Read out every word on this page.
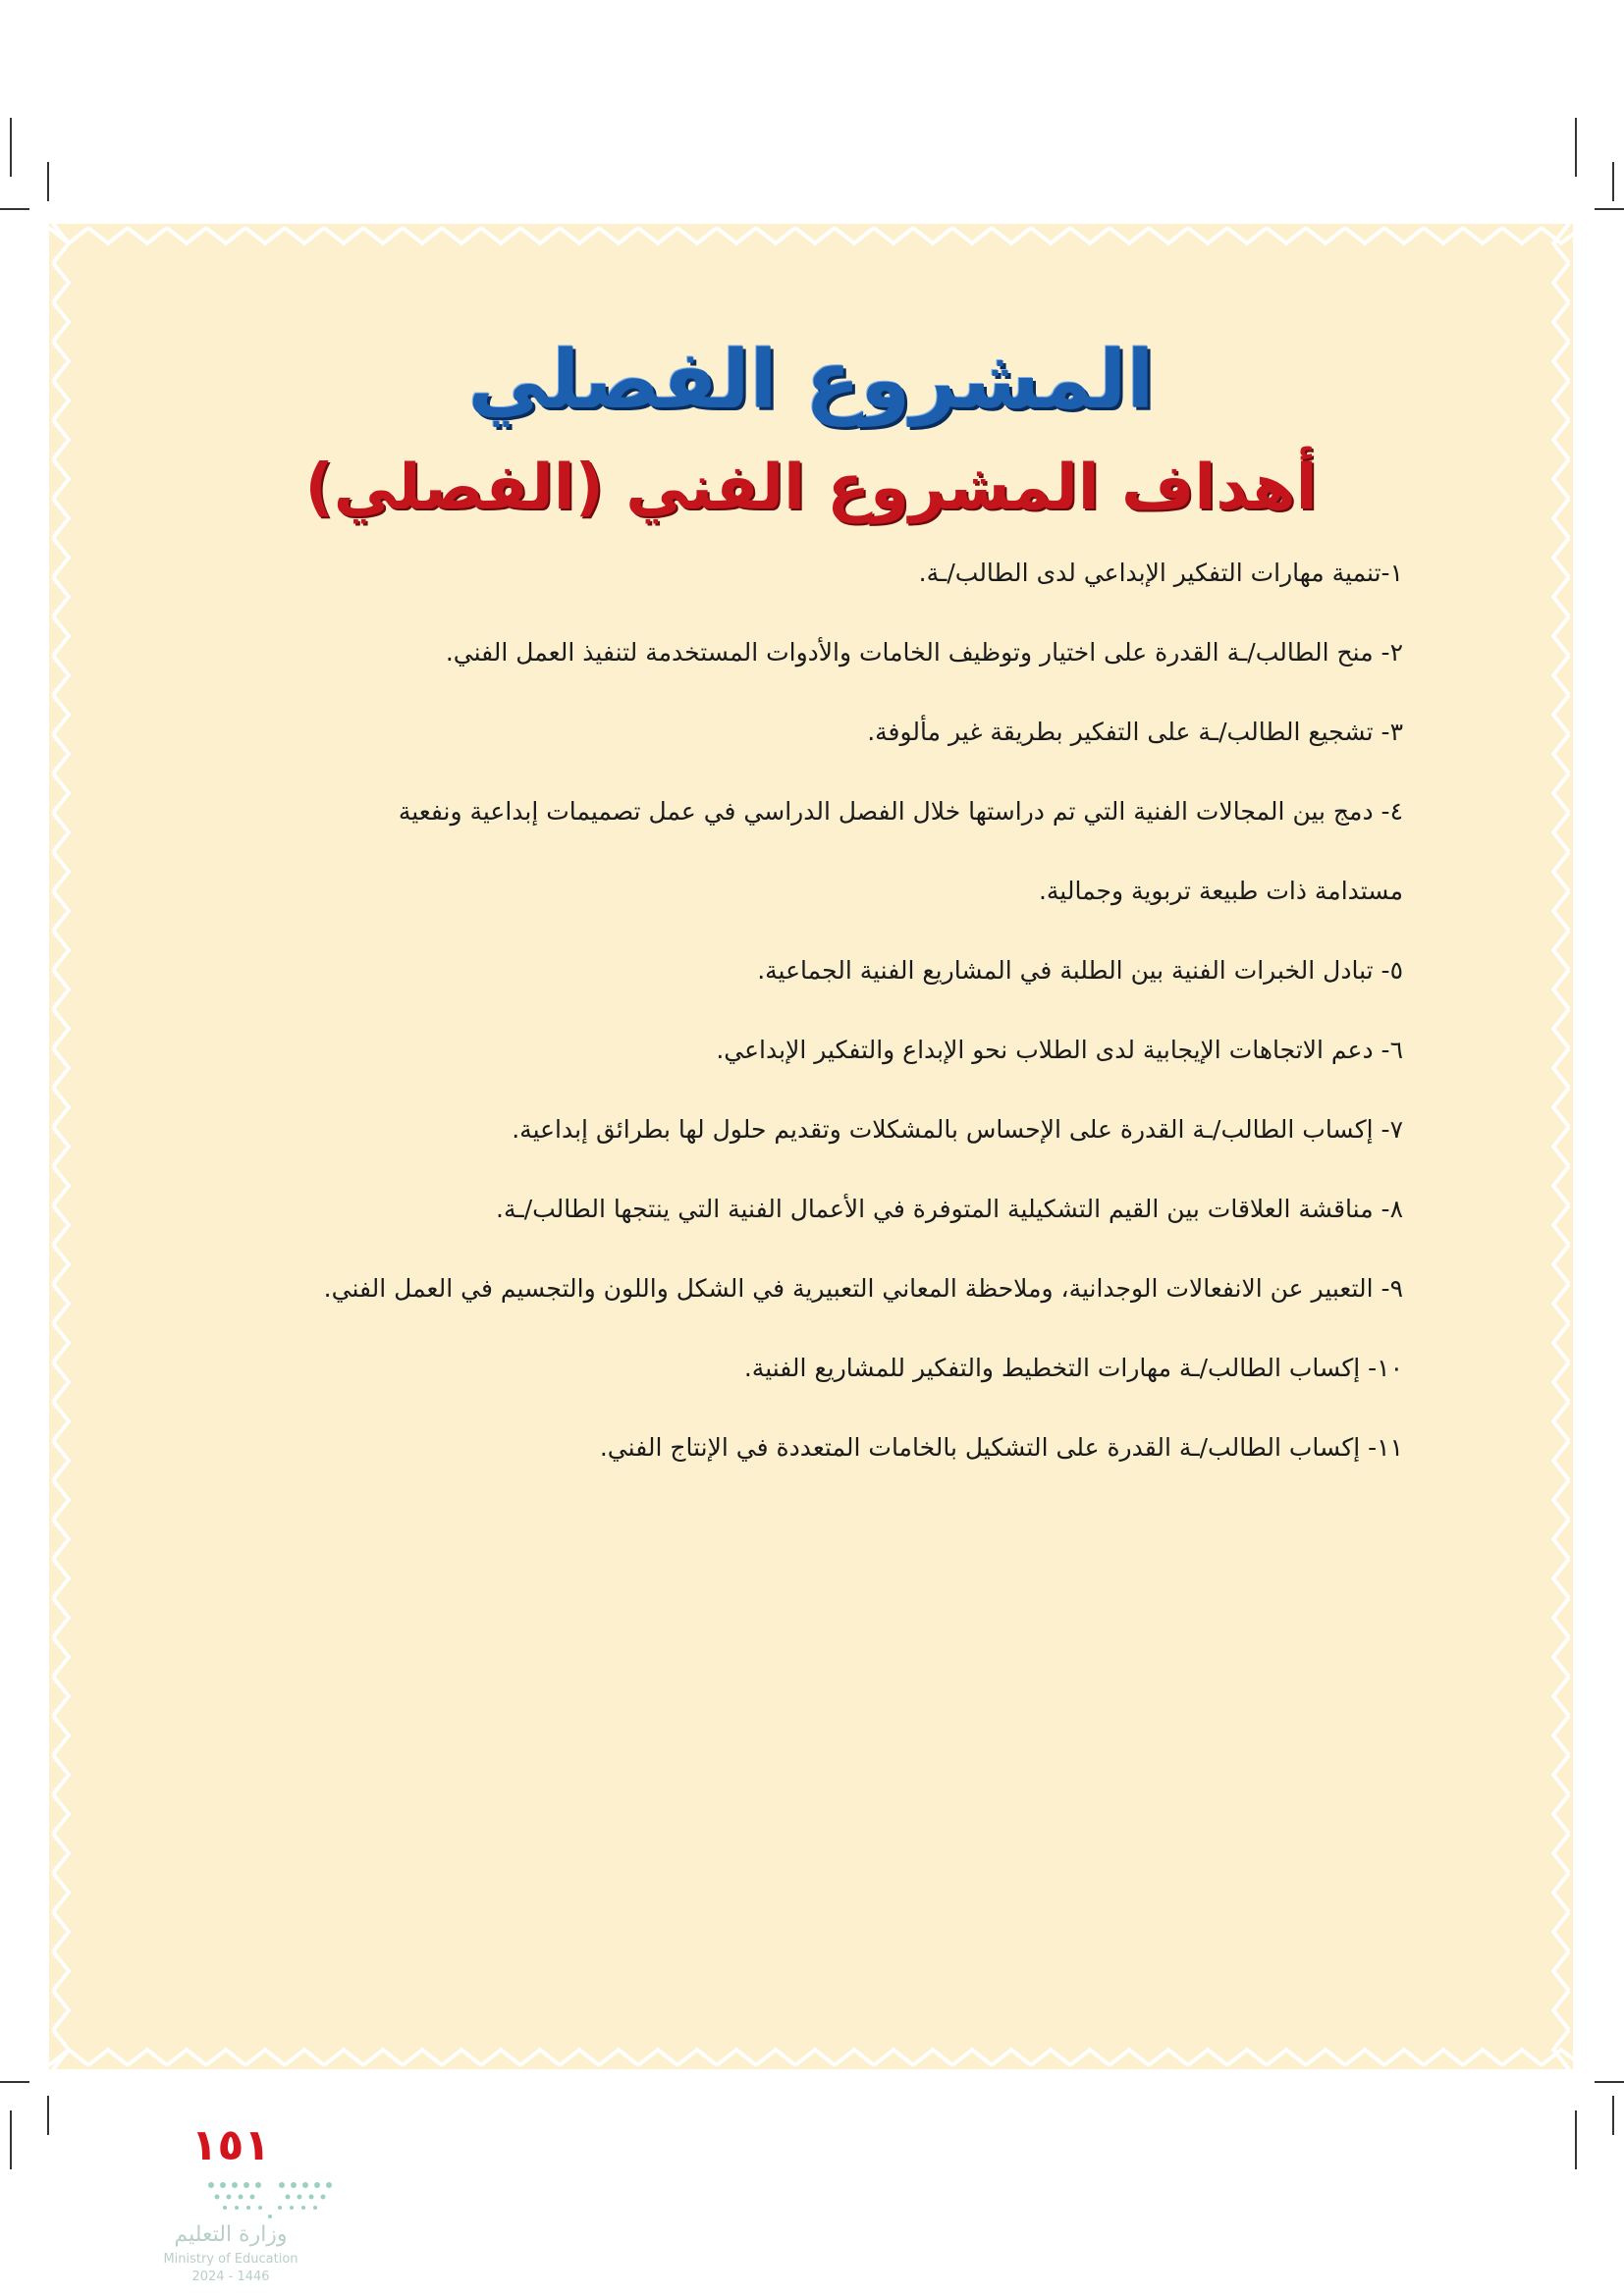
المشروع الفصلي
أهداف المشروع الفني (الفصلي)
١-تنمية مهارات التفكير الإبداعي لدى الطالب/ـة.
٢- منح الطالب/ـة القدرة على اختيار وتوظيف الخامات والأدوات المستخدمة لتنفيذ العمل الفني.
٣- تشجيع الطالب/ـة على التفكير بطريقة غير مألوفة.
٤- دمج بين المجالات الفنية التي تم دراستها خلال الفصل الدراسي في عمل تصميمات إبداعية ونفعية
مستدامة ذات طبيعة تربوية وجمالية.
٥- تبادل الخبرات الفنية بين الطلبة في المشاريع الفنية الجماعية.
٦- دعم الاتجاهات الإيجابية لدى الطلاب نحو الإبداع والتفكير الإبداعي.
٧- إكساب الطالب/ـة القدرة على الإحساس بالمشكلات وتقديم حلول لها بطرائق إبداعية.
٨- مناقشة العلاقات بين القيم التشكيلية المتوفرة في الأعمال الفنية التي ينتجها الطالب/ـة.
٩- التعبير عن الانفعالات الوجدانية، وملاحظة المعاني التعبيرية في الشكل واللون والتجسيم في العمل الفني.
١٠- إكساب الطالب/ـة مهارات التخطيط والتفكير للمشاريع الفنية.
١١- إكساب الطالب/ـة القدرة على التشكيل بالخامات المتعددة في الإنتاج الفني.
١٥١
وزارة التعليم
Ministry of Education
2024 - 1446
